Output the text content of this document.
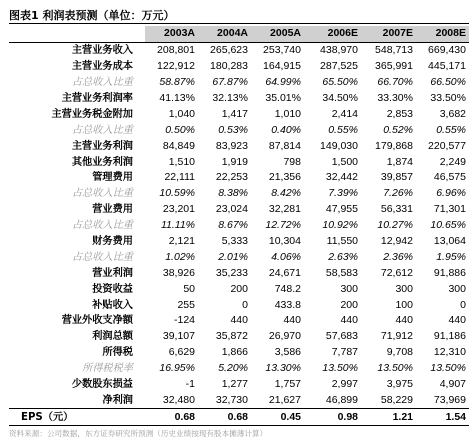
图表1 利润表预测（单位：万元）
	2003A	2004A	2005A	2006E	2007E	2008E
主营业务收入	208,801	265,623	253,740	438,970	548,713	669,430
主营业务成本	122,912	180,283	164,915	287,525	365,991	445,171
占总收入比重	58.87%	67.87%	64.99%	65.50%	66.70%	66.50%
主营业务利润率	41.13%	32.13%	35.01%	34.50%	33.30%	33.50%
主营业务税金附加	1,040	1,417	1,010	2,414	2,853	3,682
占总收入比重	0.50%	0.53%	0.40%	0.55%	0.52%	0.55%
主营业务利润	84,849	83,923	87,814	149,030	179,868	220,577
其他业务利润	1,510	1,919	798	1,500	1,874	2,249
管理费用	22,111	22,253	21,356	32,442	39,857	46,575
占总收入比重	10.59%	8.38%	8.42%	7.39%	7.26%	6.96%
营业费用	23,201	23,024	32,281	47,955	56,331	71,301
占总收入比重	11.11%	8.67%	12.72%	10.92%	10.27%	10.65%
财务费用	2,121	5,333	10,304	11,550	12,942	13,064
占总收入比重	1.02%	2.01%	4.06%	2.63%	2.36%	1.95%
营业利润	38,926	35,233	24,671	58,583	72,612	91,886
投资收益	50	200	748.2	300	300	300
补贴收入	255	0	433.8	200	100	0
营业外收支净额	-124	440	440	440	440	440
利润总额	39,107	35,872	26,970	57,683	71,912	91,186
所得税	6,629	1,866	3,586	7,787	9,708	12,310
所得税税率	16.95%	5.20%	13.30%	13.50%	13.50%	13.50%
少数股东损益	-1	1,277	1,757	2,997	3,975	4,907
净利润	32,480	32,730	21,627	46,899	58,229	73,969
EPS（元）	0.68	0.68	0.45	0.98	1.21	1.54
资料来源：公司数据，东方证券研究所预测（历史业绩按现有股本摊薄计算）
